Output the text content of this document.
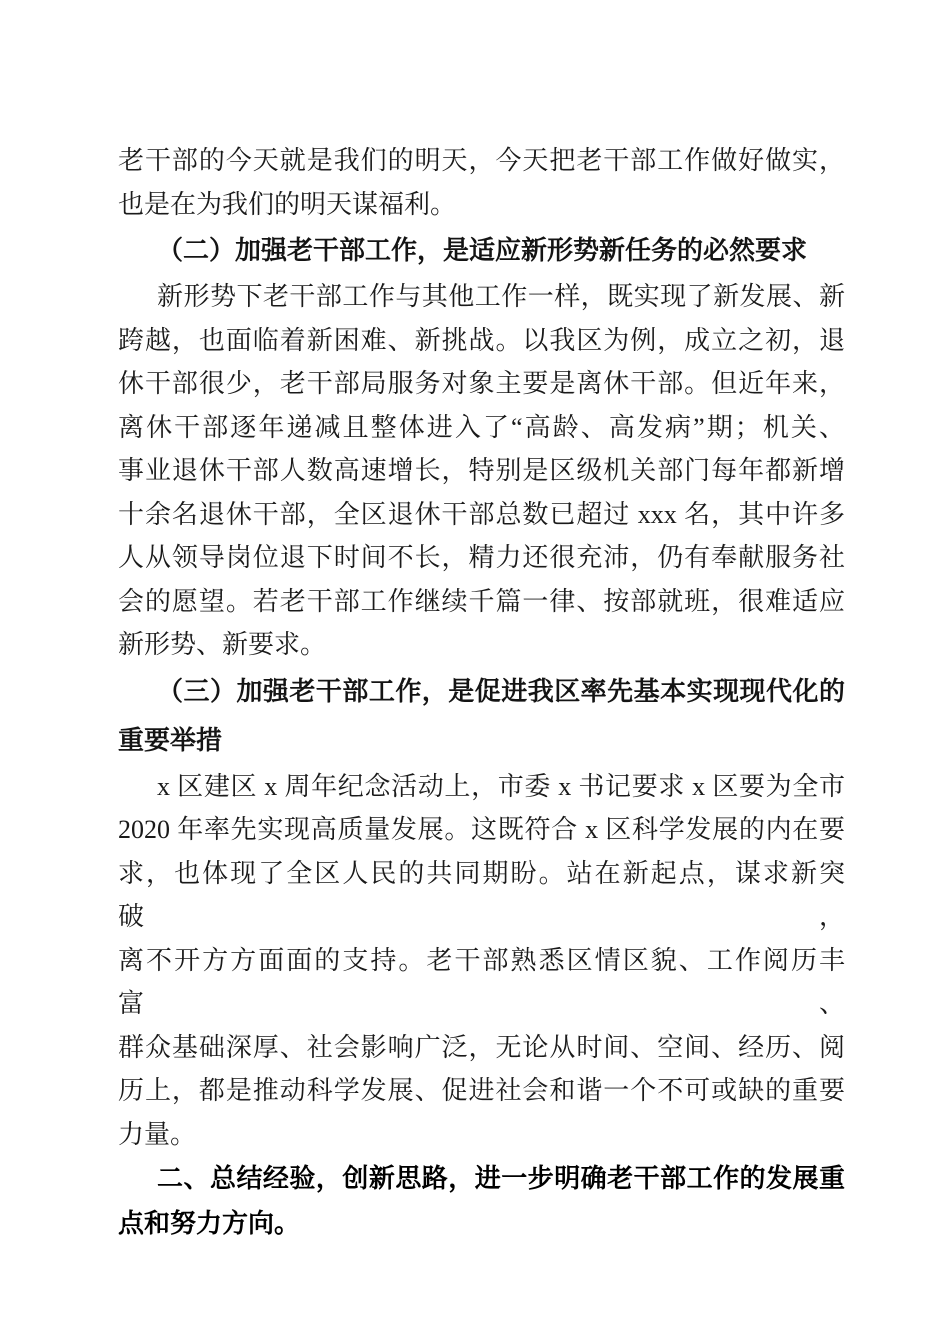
老干部的今天就是我们的明天，今天把老干部工作做好做实，
也是在为我们的明天谋福利。
（二）加强老干部工作，是适应新形势新任务的必然要求
新形势下老干部工作与其他工作一样，既实现了新发展、新
跨越，也面临着新困难、新挑战。以我区为例，成立之初，退
休干部很少，老干部局服务对象主要是离休干部。但近年来，
离休干部逐年递减且整体进入了“高龄、高发病”期；机关、
事业退休干部人数高速增长，特别是区级机关部门每年都新增
十余名退休干部，全区退休干部总数已超过 xxx 名，其中许多
人从领导岗位退下时间不长，精力还很充沛，仍有奉献服务社
会的愿望。若老干部工作继续千篇一律、按部就班，很难适应
新形势、新要求。
（三）加强老干部工作，是促进我区率先基本实现现代化的
重要举措
x 区建区 x 周年纪念活动上，市委 x 书记要求 x 区要为全市
2020 年率先实现高质量发展。这既符合 x 区科学发展的内在要
求，也体现了全区人民的共同期盼。站在新起点，谋求新突破，
离不开方方面面的支持。老干部熟悉区情区貌、工作阅历丰富、
群众基础深厚、社会影响广泛，无论从时间、空间、经历、阅
历上，都是推动科学发展、促进社会和谐一个不可或缺的重要
力量。
二、总结经验，创新思路，进一步明确老干部工作的发展重
点和努力方向。
